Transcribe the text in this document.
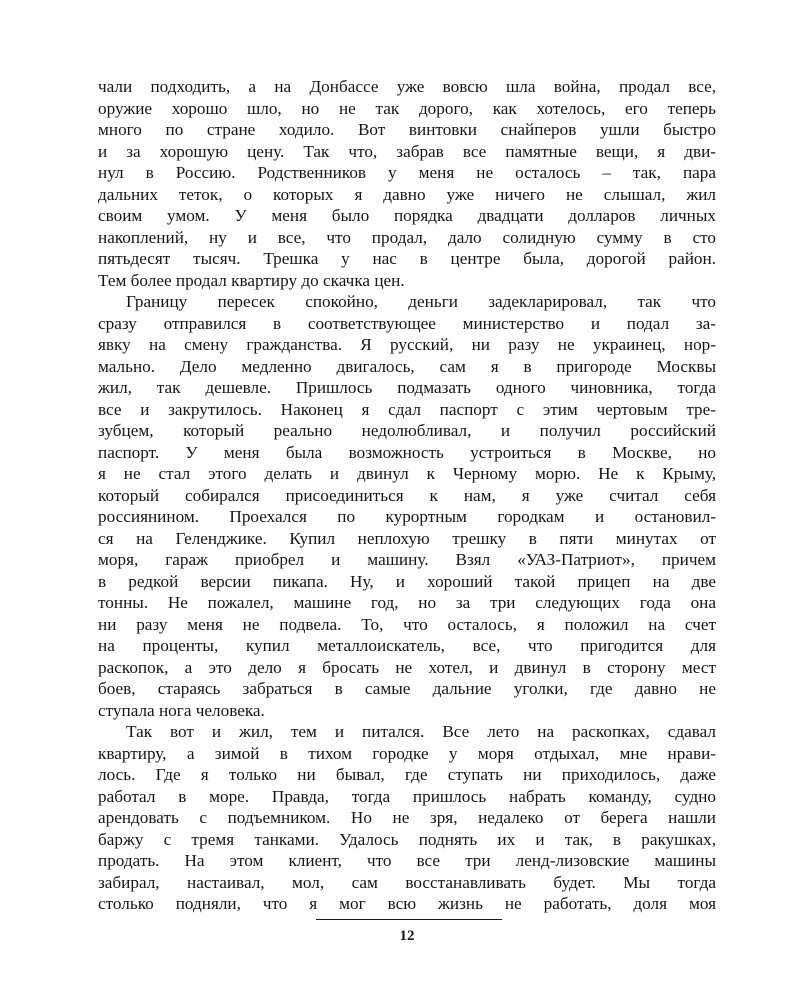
чали подходить, а на Донбассе уже вовсю шла война, продал все,
оружие хорошо шло, но не так дорого, как хотелось, его теперь
много по стране ходило. Вот винтовки снайперов ушли быстро
и за хорошую цену. Так что, забрав все памятные вещи, я дви-
нул в Россию. Родственников у меня не осталось – так, пара
дальних теток, о которых я давно уже ничего не слышал, жил
своим умом. У меня было порядка двадцати долларов личных
накоплений, ну и все, что продал, дало солидную сумму в сто
пятьдесят тысяч. Трешка у нас в центре была, дорогой район.
Тем более продал квартиру до скачка цен.
Границу пересек спокойно, деньги задекларировал, так что
сразу отправился в соответствующее министерство и подал за-
явку на смену гражданства. Я русский, ни разу не украинец, нор-
мально. Дело медленно двигалось, сам я в пригороде Москвы
жил, так дешевле. Пришлось подмазать одного чиновника, тогда
все и закрутилось. Наконец я сдал паспорт с этим чертовым тре-
зубцем, который реально недолюбливал, и получил российский
паспорт. У меня была возможность устроиться в Москве, но
я не стал этого делать и двинул к Черному морю. Не к Крыму,
который собирался присоединиться к нам, я уже считал себя
россиянином. Проехался по курортным городкам и остановил-
ся на Геленджике. Купил неплохую трешку в пяти минутах от
моря, гараж приобрел и машину. Взял «УАЗ-Патриот», причем
в редкой версии пикапа. Ну, и хороший такой прицеп на две
тонны. Не пожалел, машине год, но за три следующих года она
ни разу меня не подвела. То, что осталось, я положил на счет
на проценты, купил металлоискатель, все, что пригодится для
раскопок, а это дело я бросать не хотел, и двинул в сторону мест
боев, стараясь забраться в самые дальние уголки, где давно не
ступала нога человека.
Так вот и жил, тем и питался. Все лето на раскопках, сдавал
квартиру, а зимой в тихом городке у моря отдыхал, мне нрави-
лось. Где я только ни бывал, где ступать ни приходилось, даже
работал в море. Правда, тогда пришлось набрать команду, судно
арендовать с подъемником. Но не зря, недалеко от берега нашли
баржу с тремя танками. Удалось поднять их и так, в ракушках,
продать. На этом клиент, что все три ленд-лизовские машины
забирал, настаивал, мол, сам восстанавливать будет. Мы тогда
столько подняли, что я мог всю жизнь не работать, доля моя
12
